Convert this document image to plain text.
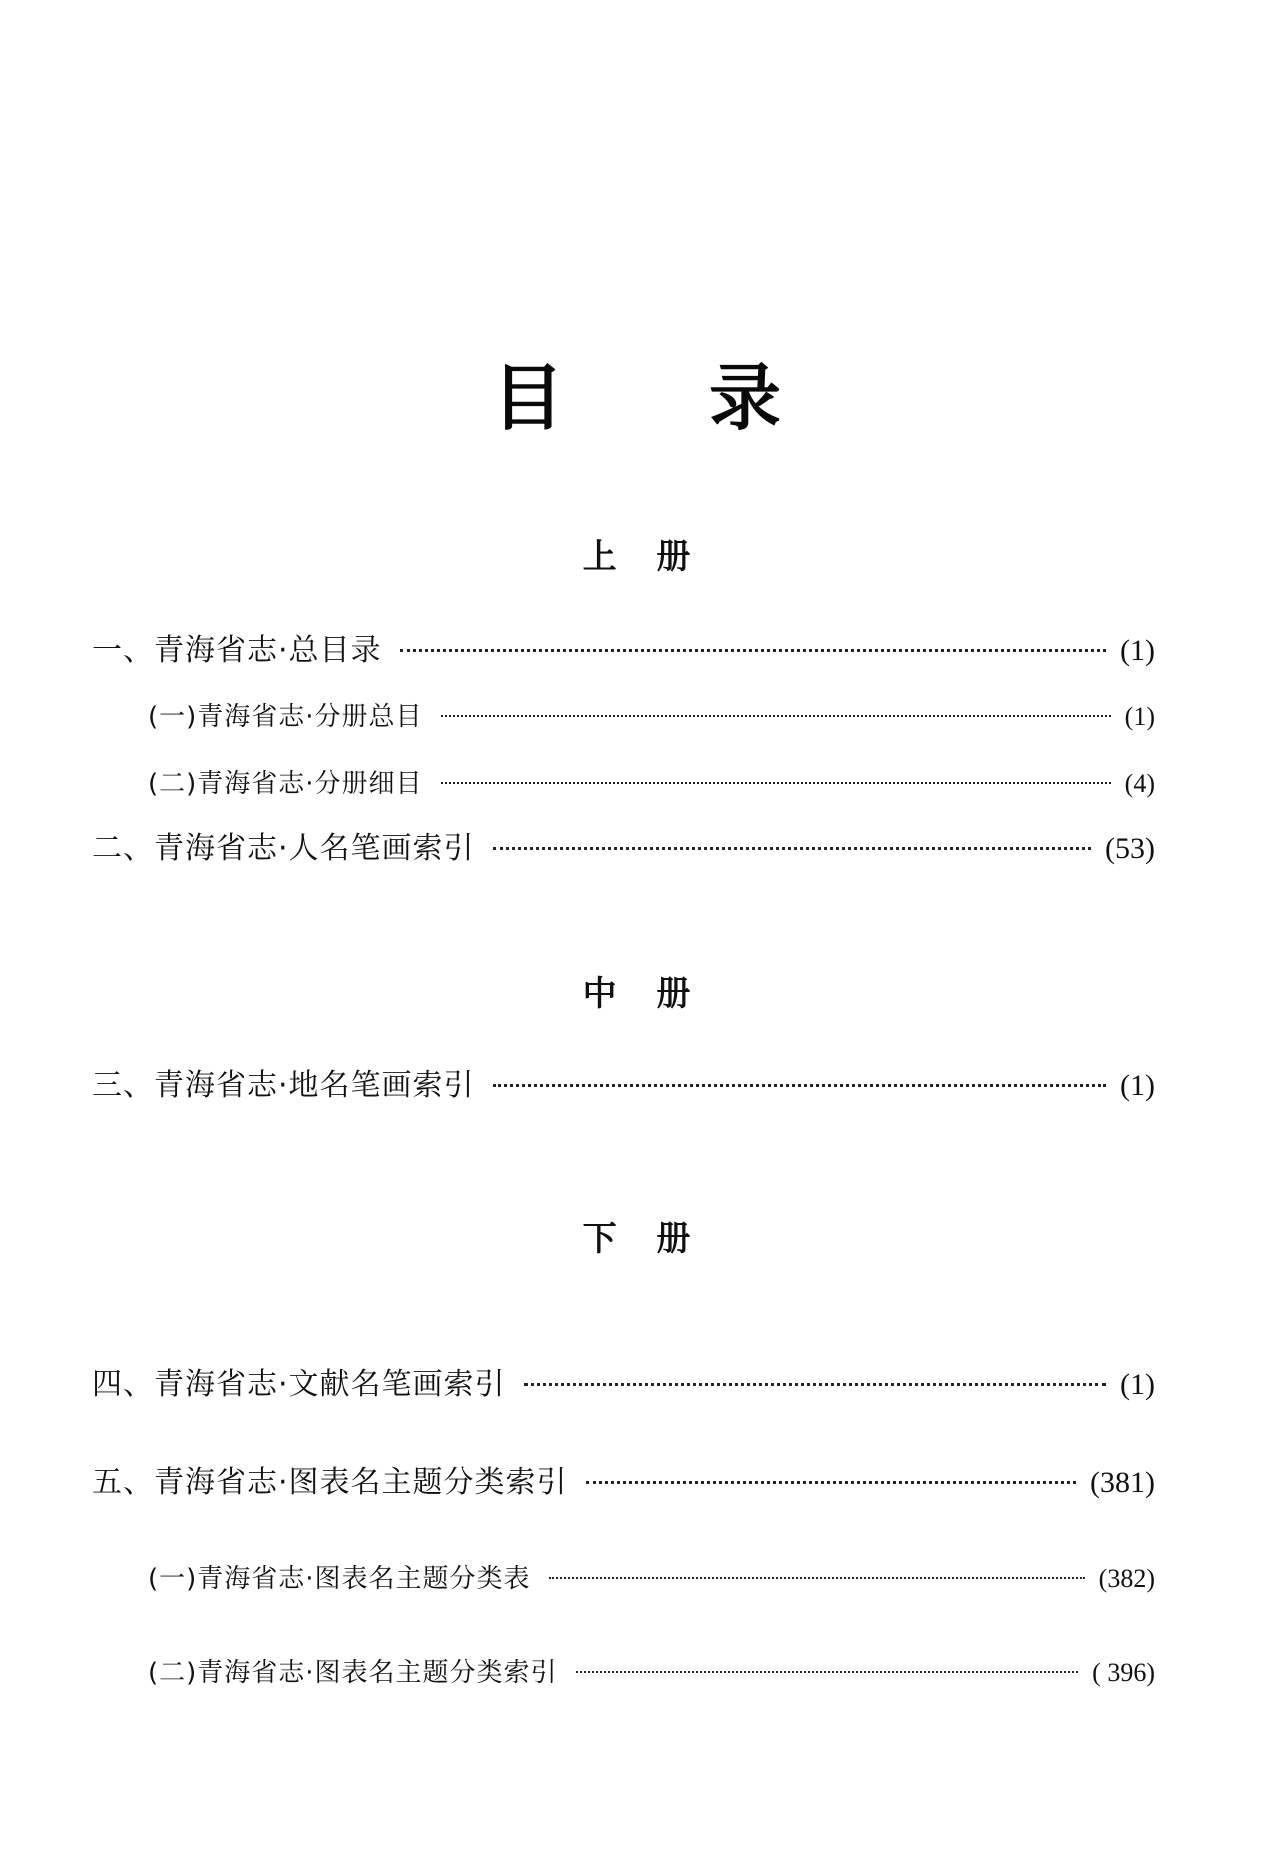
目 录
上 册
一、青海省志·总目录	(1)
(一)青海省志·分册总目	(1)
(二)青海省志·分册细目	(4)
二、青海省志·人名笔画索引	(53)
中 册
三、青海省志·地名笔画索引	(1)
下 册
四、青海省志·文献名笔画索引	(1)
五、青海省志·图表名主题分类索引	(381)
(一)青海省志·图表名主题分类表	(382)
(二)青海省志·图表名主题分类索引	( 396)
